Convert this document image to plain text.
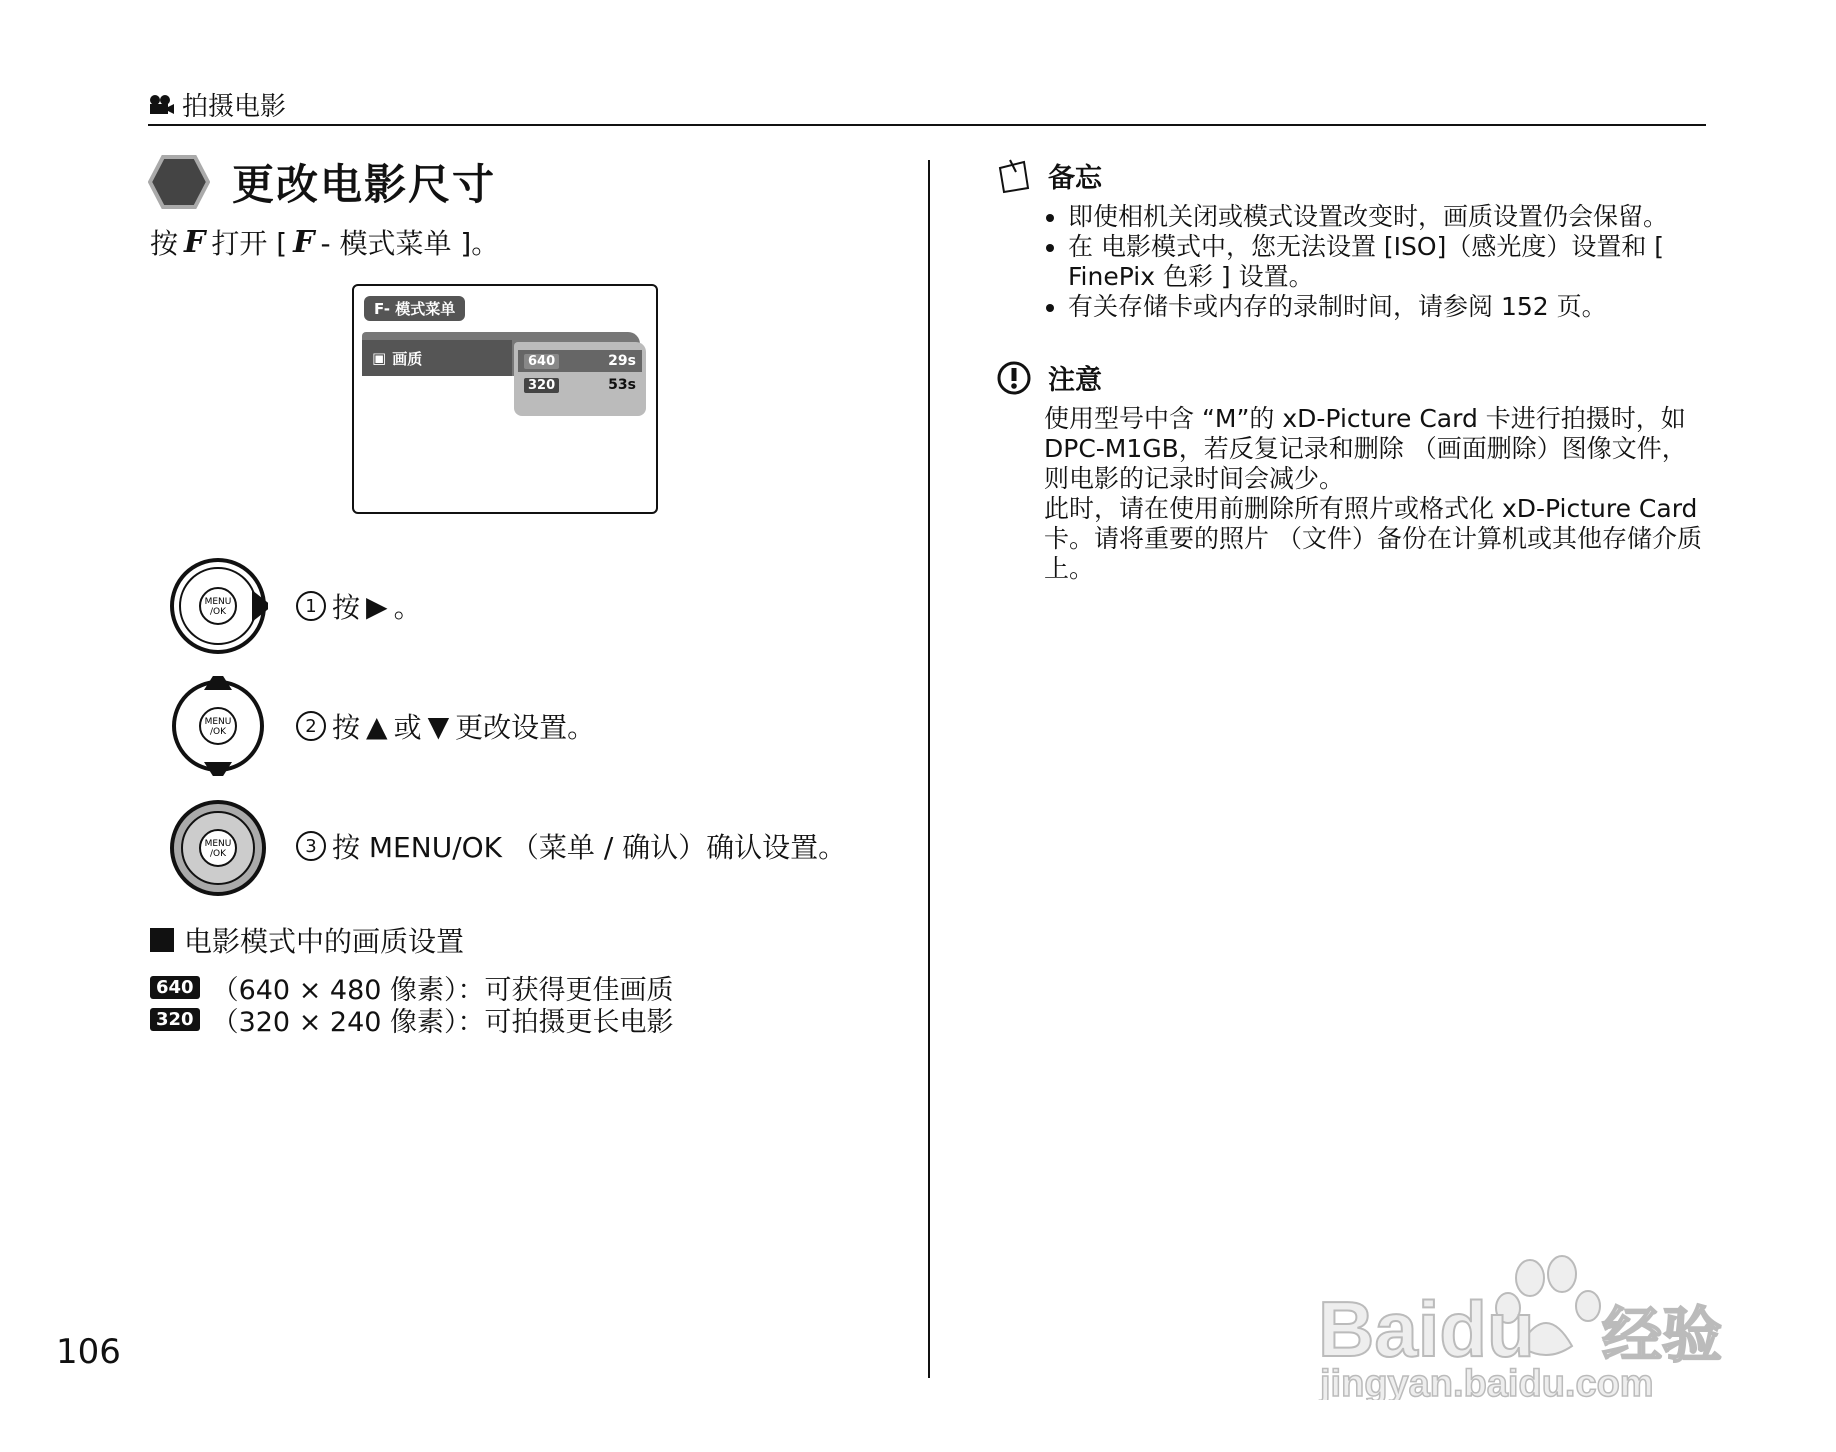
拍摄电影
更改电影尺寸
按 F 打开 [ F - 模式菜单 ]。
F- 模式菜单
▣ 画质	640	29s
320	53s
MENU
/OK
MENU
/OK
MENU
/OK
1 按 ▶ 。
2 按 ▲ 或 ▼ 更改设置。
3 按 MENU/OK （菜单 / 确认）确认设置。
电影模式中的画质设置
640 （640 × 480 像素）：可获得更佳画质
320 （320 × 240 像素）：可拍摄更长电影
备忘
• 即使相机关闭或模式设置改变时，画质设置仍会保留。
• 在 电影模式中，您无法设置 [ISO]（感光度）设置和 [ FinePix 色彩 ] 设置。
• 有关存储卡或内存的录制时间，请参阅 152 页。
注意

使用型号中含 “M”的 xD-Picture Card 卡进行拍摄时，如 DPC-M1GB，若反复记录和删除 （画面删除）图像文件，则电影的记录时间会减少。

此时，请在使用前删除所有照片或格式化 xD-Picture Card 卡。请将重要的照片 （文件）备份在计算机或其他存储介质上。

106	Baidu 经验
jingyan.baidu.com
